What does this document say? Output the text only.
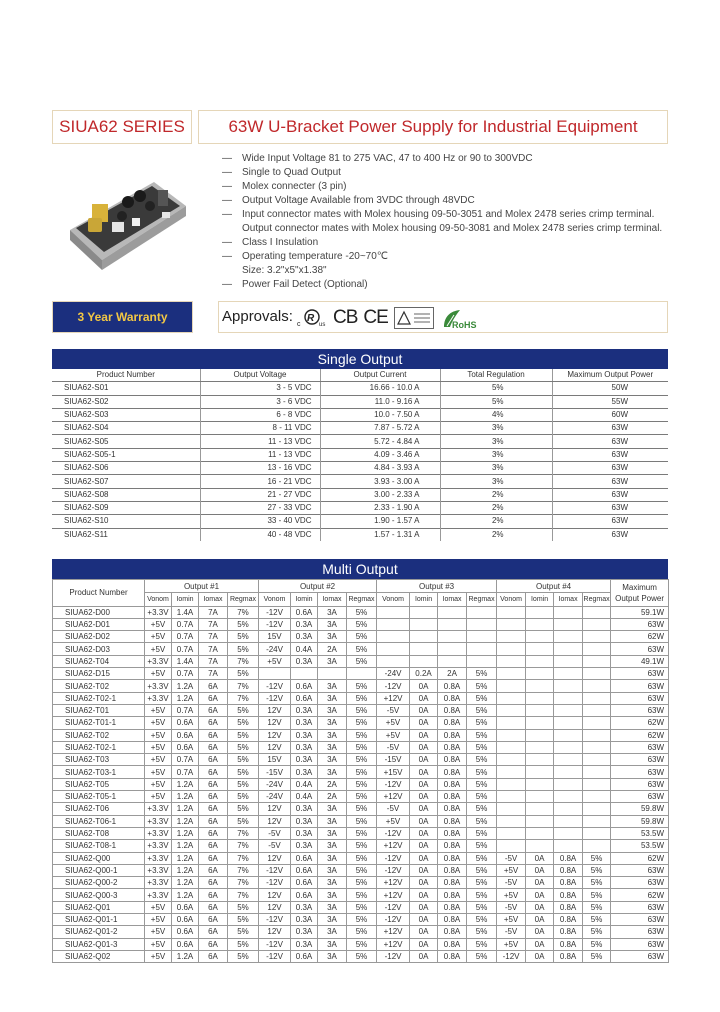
SIUA62 SERIES	63W U-Bracket Power Supply for Industrial Equipment
— Wide Input Voltage 81 to 275 VAC, 47 to 400 Hz or 90 to 300VDC
— Single to Quad Output
— Molex connecter (3 pin)
— Output Voltage Available from 3VDC through 48VDC
— Input connector mates with Molex housing 09-50-3051 and Molex 2478 series crimp terminal.
Output connector mates with Molex housing 09-50-3081 and Molex 2478 series crimp terminal.
— Class I Insulation
— Operating temperature -20~70℃
Size: 3.2"x5"x1.38"
— Power Fail Detect (Optional)
3 Year Warranty	Approvals: c
R
us CB CE	RoHS
Single Output
Product Number	Output Voltage	Output Current	Total Regulation	Maximum Output Power
SIUA62-S01	3 - 5 VDC	16.66 - 10.0 A	5%	50W
SIUA62-S02	3 - 6 VDC	11.0 - 9.16 A	5%	55W
SIUA62-S03	6 - 8 VDC	10.0 - 7.50 A	4%	60W
SIUA62-S04	8 - 11 VDC	7.87 - 5.72 A	3%	63W
SIUA62-S05	11 - 13 VDC	5.72 - 4.84 A	3%	63W
SIUA62-S05-1	11 - 13 VDC	4.09 - 3.46 A	3%	63W
SIUA62-S06	13 - 16 VDC	4.84 - 3.93 A	3%	63W
SIUA62-S07	16 - 21 VDC	3.93 - 3.00 A	3%	63W
SIUA62-S08	21 - 27 VDC	3.00 - 2.33 A	2%	63W
SIUA62-S09	27 - 33 VDC	2.33 - 1.90 A	2%	63W
SIUA62-S10	33 - 40 VDC	1.90 - 1.57 A	2%	63W
SIUA62-S11	40 - 48 VDC	1.57 - 1.31 A	2%	63W
Multi Output
Product Number	Output #1				Output #2				Output #3				Output #4				Maximum Output Power
	Vonom	Iomin	Iomax	Regmax	Vonom	Iomin	Iomax	Regmax	Vonom	Iomin	Iomax	Regmax	Vonom	Iomin	Iomax	Regmax	
SIUA62-D00	+3.3V	1.4A	7A	7%	-12V	0.6A	3A	5%									59.1W
SIUA62-D01	+5V	0.7A	7A	5%	-12V	0.3A	3A	5%									63W
SIUA62-D02	+5V	0.7A	7A	5%	15V	0.3A	3A	5%									62W
SIUA62-D03	+5V	0.7A	7A	5%	-24V	0.4A	2A	5%									63W
SIUA62-T04	+3.3V	1.4A	7A	7%	+5V	0.3A	3A	5%									49.1W
SIUA62-D15	+5V	0.7A	7A	5%					-24V	0.2A	2A	5%					63W
SIUA62-T02	+3.3V	1.2A	6A	7%	-12V	0.6A	3A	5%	-12V	0A	0.8A	5%					63W
SIUA62-T02-1	+3.3V	1.2A	6A	7%	-12V	0.6A	3A	5%	+12V	0A	0.8A	5%					63W
SIUA62-T01	+5V	0.7A	6A	5%	12V	0.3A	3A	5%	-5V	0A	0.8A	5%					63W
SIUA62-T01-1	+5V	0.6A	6A	5%	12V	0.3A	3A	5%	+5V	0A	0.8A	5%					62W
SIUA62-T02	+5V	0.6A	6A	5%	12V	0.3A	3A	5%	+5V	0A	0.8A	5%					62W
SIUA62-T02-1	+5V	0.6A	6A	5%	12V	0.3A	3A	5%	-5V	0A	0.8A	5%					63W
SIUA62-T03	+5V	0.7A	6A	5%	15V	0.3A	3A	5%	-15V	0A	0.8A	5%					63W
SIUA62-T03-1	+5V	0.7A	6A	5%	-15V	0.3A	3A	5%	+15V	0A	0.8A	5%					63W
SIUA62-T05	+5V	1.2A	6A	5%	-24V	0.4A	2A	5%	-12V	0A	0.8A	5%					63W
SIUA62-T05-1	+5V	1.2A	6A	5%	-24V	0.4A	2A	5%	+12V	0A	0.8A	5%					63W
SIUA62-T06	+3.3V	1.2A	6A	5%	12V	0.3A	3A	5%	-5V	0A	0.8A	5%					59.8W
SIUA62-T06-1	+3.3V	1.2A	6A	5%	12V	0.3A	3A	5%	+5V	0A	0.8A	5%					59.8W
SIUA62-T08	+3.3V	1.2A	6A	7%	-5V	0.3A	3A	5%	-12V	0A	0.8A	5%					53.5W
SIUA62-T08-1	+3.3V	1.2A	6A	7%	-5V	0.3A	3A	5%	+12V	0A	0.8A	5%					53.5W
SIUA62-Q00	+3.3V	1.2A	6A	7%	12V	0.6A	3A	5%	-12V	0A	0.8A	5%	-5V	0A	0.8A	5%	62W
SIUA62-Q00-1	+3.3V	1.2A	6A	7%	-12V	0.6A	3A	5%	-12V	0A	0.8A	5%	+5V	0A	0.8A	5%	63W
SIUA62-Q00-2	+3.3V	1.2A	6A	7%	-12V	0.6A	3A	5%	+12V	0A	0.8A	5%	-5V	0A	0.8A	5%	63W
SIUA62-Q00-3	+3.3V	1.2A	6A	7%	12V	0.6A	3A	5%	+12V	0A	0.8A	5%	+5V	0A	0.8A	5%	62W
SIUA62-Q01	+5V	0.6A	6A	5%	12V	0.3A	3A	5%	-12V	0A	0.8A	5%	-5V	0A	0.8A	5%	63W
SIUA62-Q01-1	+5V	0.6A	6A	5%	-12V	0.3A	3A	5%	-12V	0A	0.8A	5%	+5V	0A	0.8A	5%	63W
SIUA62-Q01-2	+5V	0.6A	6A	5%	12V	0.3A	3A	5%	+12V	0A	0.8A	5%	-5V	0A	0.8A	5%	63W
SIUA62-Q01-3	+5V	0.6A	6A	5%	-12V	0.3A	3A	5%	+12V	0A	0.8A	5%	+5V	0A	0.8A	5%	63W
SIUA62-Q02	+5V	1.2A	6A	5%	-12V	0.6A	3A	5%	-12V	0A	0.8A	5%	-12V	0A	0.8A	5%	63W
